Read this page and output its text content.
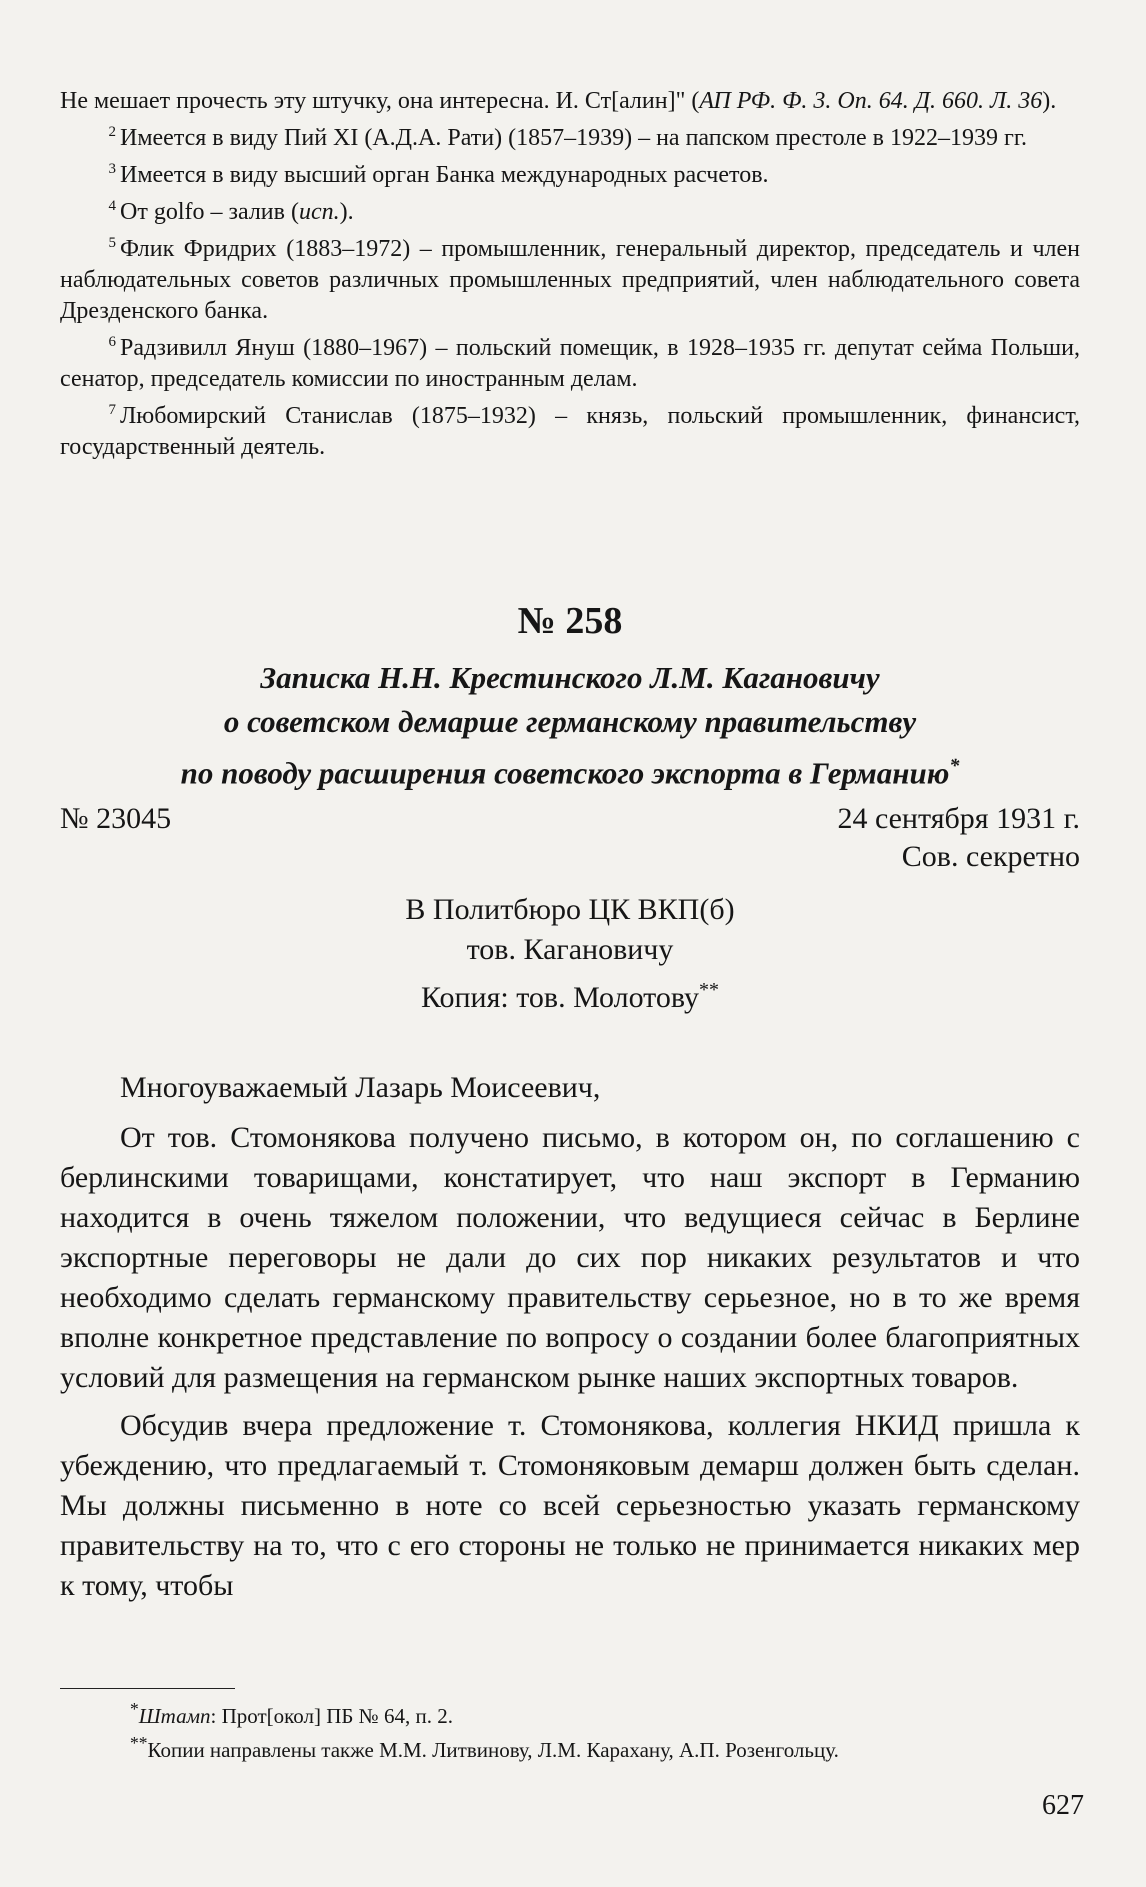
Не мешает прочесть эту штучку, она интересна. И. Ст[алин]" (АП РФ. Ф. 3. Оп. 64. Д. 660. Л. 36).

$^2$ Имеется в виду Пий XI (А.Д.А. Рати) (1857–1939) – на папском престоле в 1922–1939 гг.

$^3$ Имеется в виду высший орган Банка международных расчетов.

$^4$ От golfo – залив (исп.).

$^5$ Флик Фридрих (1883–1972) – промышленник, генеральный директор, председатель и член наблюдательных советов различных промышленных предприятий, член наблюдательного совета Дрезденского банка.

$^6$ Радзивилл Януш (1880–1967) – польский помещик, в 1928–1935 гг. депутат сейма Польши, сенатор, председатель комиссии по иностранным делам.

$^7$ Любомирский Станислав (1875–1932) – князь, польский промышленник, финансист, государственный деятель.

№ 258

Записка Н.Н. Крестинского Л.М. Кагановичу

о советском демарше германскому правительству

по поводу расширения советского экспорта в Германию*

№ 23045	24 сентября 1931 г.
Сов. секретно
В Политбюро ЦК ВКП(б)
тов. Кагановичу
Копия: тов. Молотову**

Многоуважаемый Лазарь Моисеевич,

От тов. Стомонякова получено письмо, в котором он, по соглашению с берлинскими товарищами, констатирует, что наш экспорт в Германию находится в очень тяжелом положении, что ведущиеся сейчас в Берлине экспортные переговоры не дали до сих пор никаких результатов и что необходимо сделать германскому правительству серьезное, но в то же время вполне конкретное представление по вопросу о создании более благоприятных условий для размещения на германском рынке наших экспортных товаров.

Обсудив вчера предложение т. Стомонякова, коллегия НКИД пришла к убеждению, что предлагаемый т. Стомоняковым демарш должен быть сделан. Мы должны письменно в ноте со всей серьезностью указать германскому правительству на то, что с его стороны не только не принимается никаких мер к тому, чтобы

*Штамп: Прот[окол] ПБ № 64, п. 2.

**Копии направлены также М.М. Литвинову, Л.М. Карахану, А.П. Розенгольцу.

627
